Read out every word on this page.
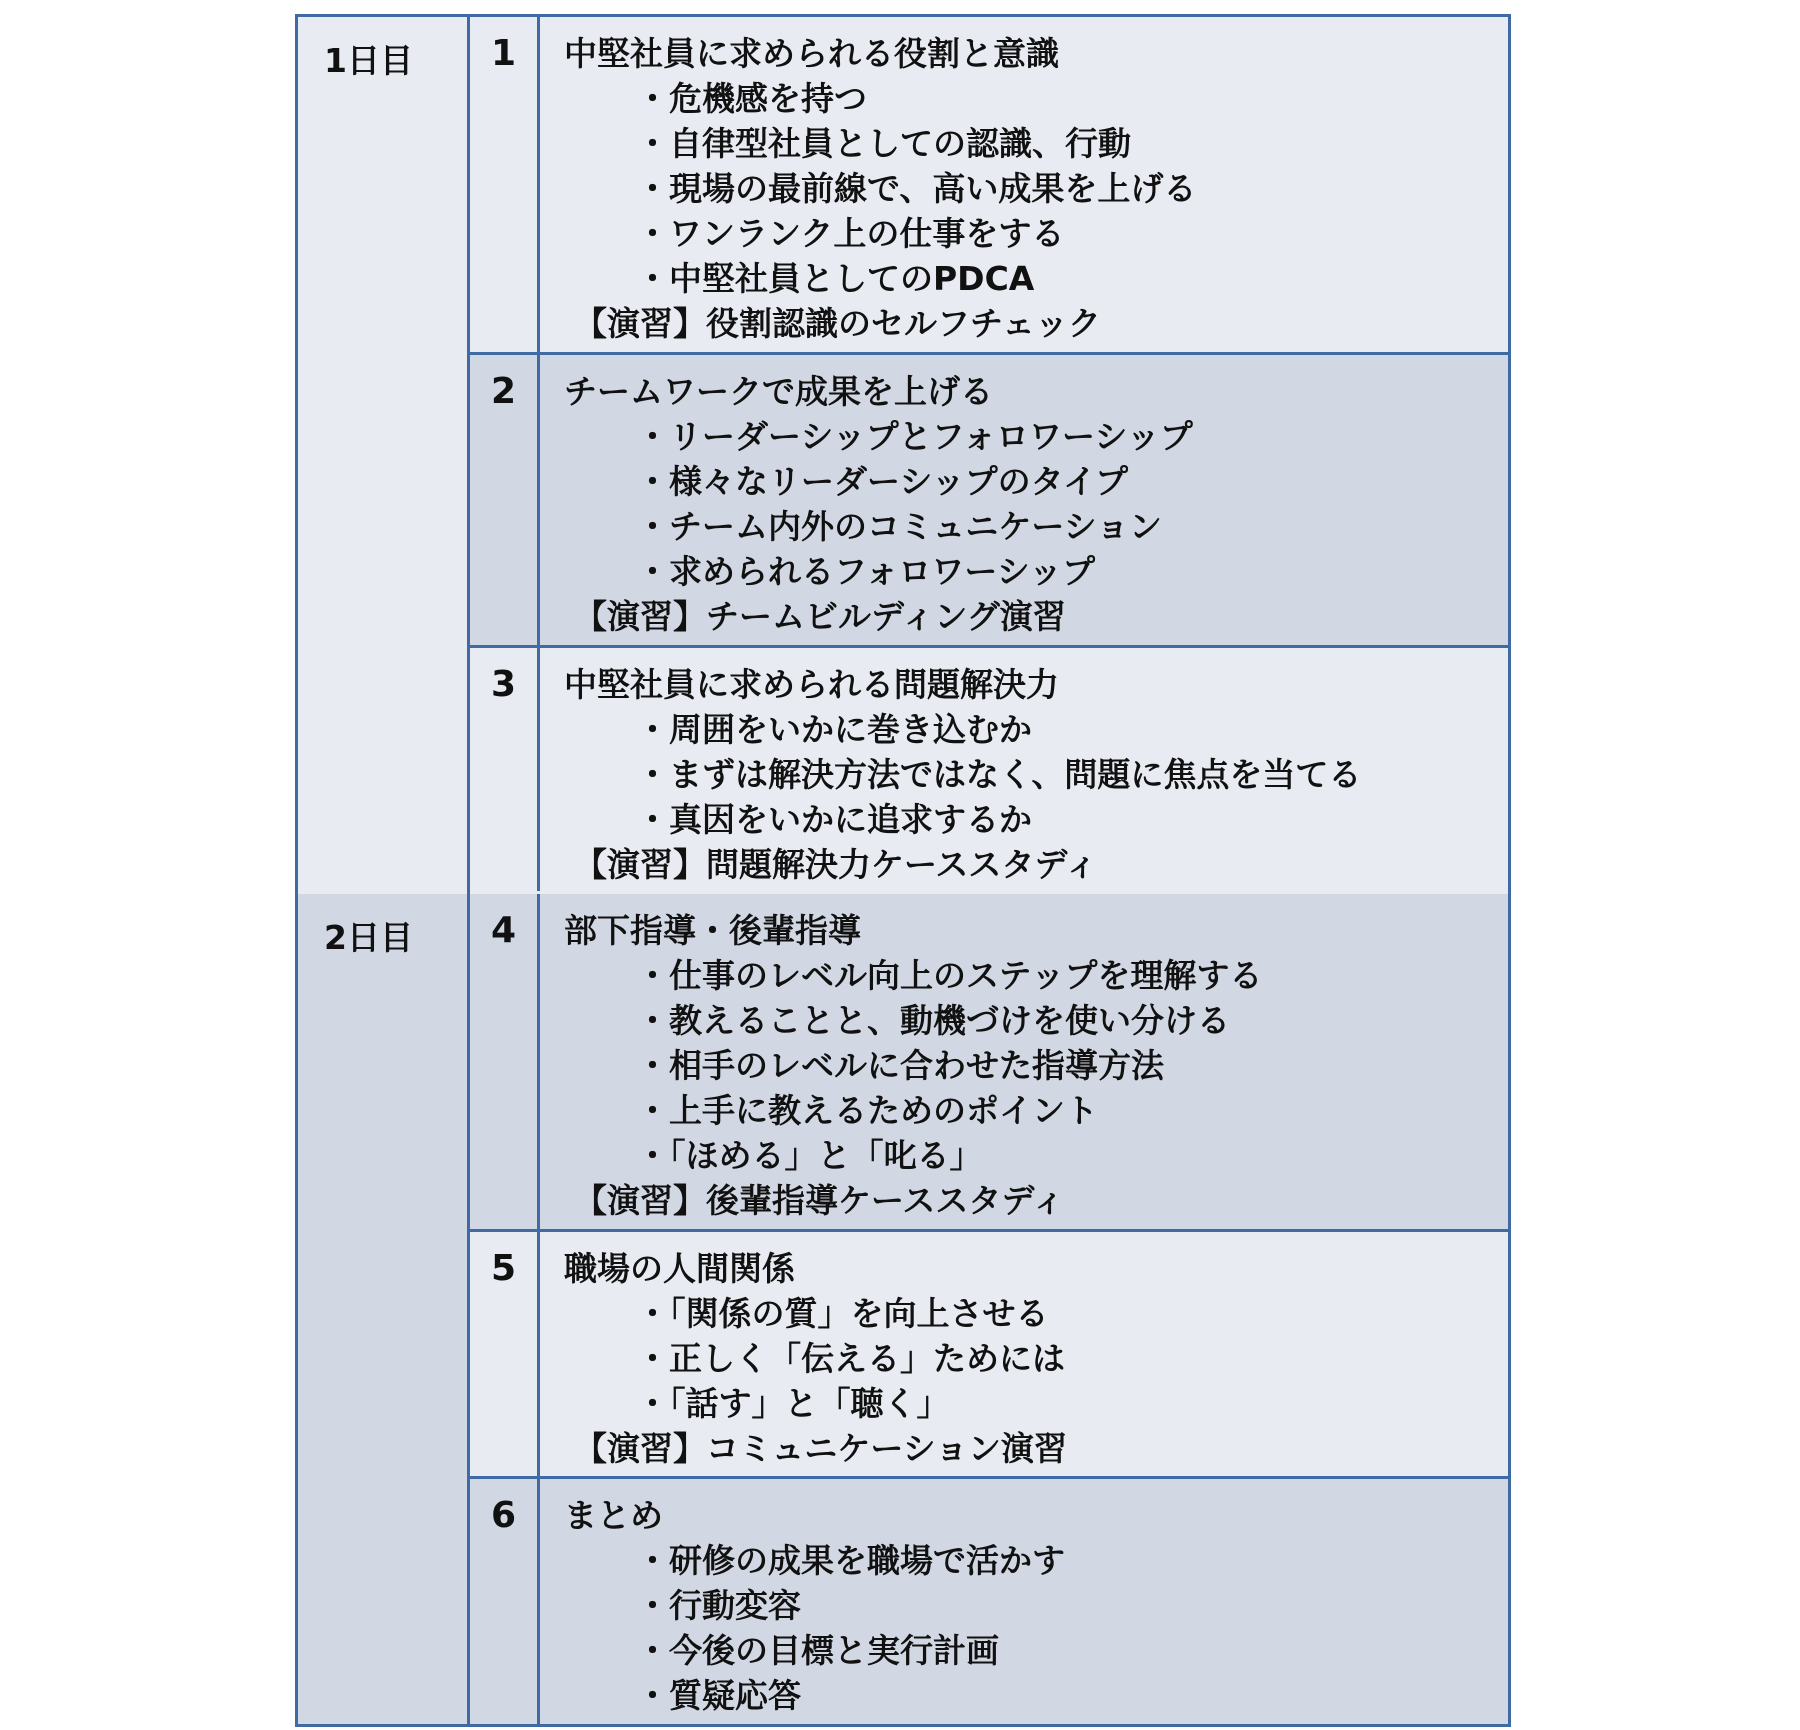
1日目	1	中堅社員に求められる役割と意識
・危機感を持つ
・自律型社員としての認識、行動
・現場の最前線で、高い成果を上げる
・ワンランク上の仕事をする
・中堅社員としてのPDCA
【演習】役割認識のセルフチェック
2	チームワークで成果を上げる
・リーダーシップとフォロワーシップ
・様々なリーダーシップのタイプ
・チーム内外のコミュニケーション
・求められるフォロワーシップ
【演習】チームビルディング演習
3	中堅社員に求められる問題解決力
・周囲をいかに巻き込むか
・まずは解決方法ではなく、問題に焦点を当てる
・真因をいかに追求するか
【演習】問題解決力ケーススタディ
2日目	4	部下指導・後輩指導
・仕事のレベル向上のステップを理解する
・教えることと、動機づけを使い分ける
・相手のレベルに合わせた指導方法
・上手に教えるためのポイント
・「ほめる」と「叱る」
【演習】後輩指導ケーススタディ
5	職場の人間関係
・「関係の質」を向上させる
・正しく「伝える」ためには
・「話す」と「聴く」
【演習】コミュニケーション演習
6	まとめ
・研修の成果を職場で活かす
・行動変容
・今後の目標と実行計画
・質疑応答
